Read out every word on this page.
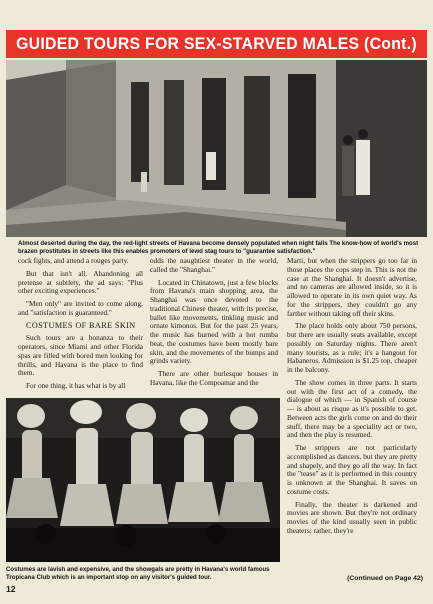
GUIDED TOURS FOR SEX-STARVED MALES (Cont.)
Almost deserted during the day, the red-light streets of Havana become densely populated when night falls The know-how of world's most brazen prostitutes in streets like this enables promoters of lewd stag tours to "guarantee satisfaction."

cock fights, and attend a rouges party.

But that isn't all. Abandoning all pretense at subtlety, the ad says: "Plus other exciting experiences."

"Men only" are invited to come along, and "satisfaction is guaranteed."

COSTUMES OF BARE SKIN

Such tours are a bonanza to their operators, since Miami and other Florida spas are filled with bored men looking for thrills, and Havana is the place to find them.

For one thing, it has what is by all

odds the naughtiest theater in the world, called the "Shanghai."

Located in Chinatown, just a few blocks from Havana's main shopping area, the Shanghai was once devoted to the traditional Chinese theater, with its precise, ballet like movements, tinkling music and ornate kimonos. But for the past 25 years, the music has burned with a hot rumba beat, the costumes have been mostly bare skin, and the movements of the bumps and grinds variety.

There are other burlesque houses in Havana, like the Compoamar and the

Marti, but when the strippers go too far in those places the cops step in. This is not the case at the Shanghai. It doesn't advertise, and no cameras are allowed inside, so it is allowed to operate in its own quiet way. As for the strippers, they couldn't go any farther without taking off their skins.

The place holds only about 750 persons, but there are usually seats available, except possibly on Saturday nights. There aren't many tourists, as a rule; it's a hangout for Habaneros. Admission is $1.25 top, cheaper in the balcony.

The show comes in three parts. It starts out with the first act of a comedy, the dialogue of which — in Spanish of course — is about as risque as it's possible to get. Between acts the girls come on and do their stuff, there may be a speciality act or two, and then the play is resumed.

The strippers are not particularly accomplished as dancers, but they are pretty and shapely, and they go all the way. In fact the "tease" as it is performed in this country is unknown at the Shanghai. It saves on costume costs.

Finally, the theater is darkened and movies are shown. But they're not ordinary movies of the kind usually seen in public theaters; rather, they're

Costumes are lavish and expensive, and the showgals are pretty in Havana's world famous Tropicana Club which is an important stop on any visitor's guided tour.
12
(Continued on Page 42)
